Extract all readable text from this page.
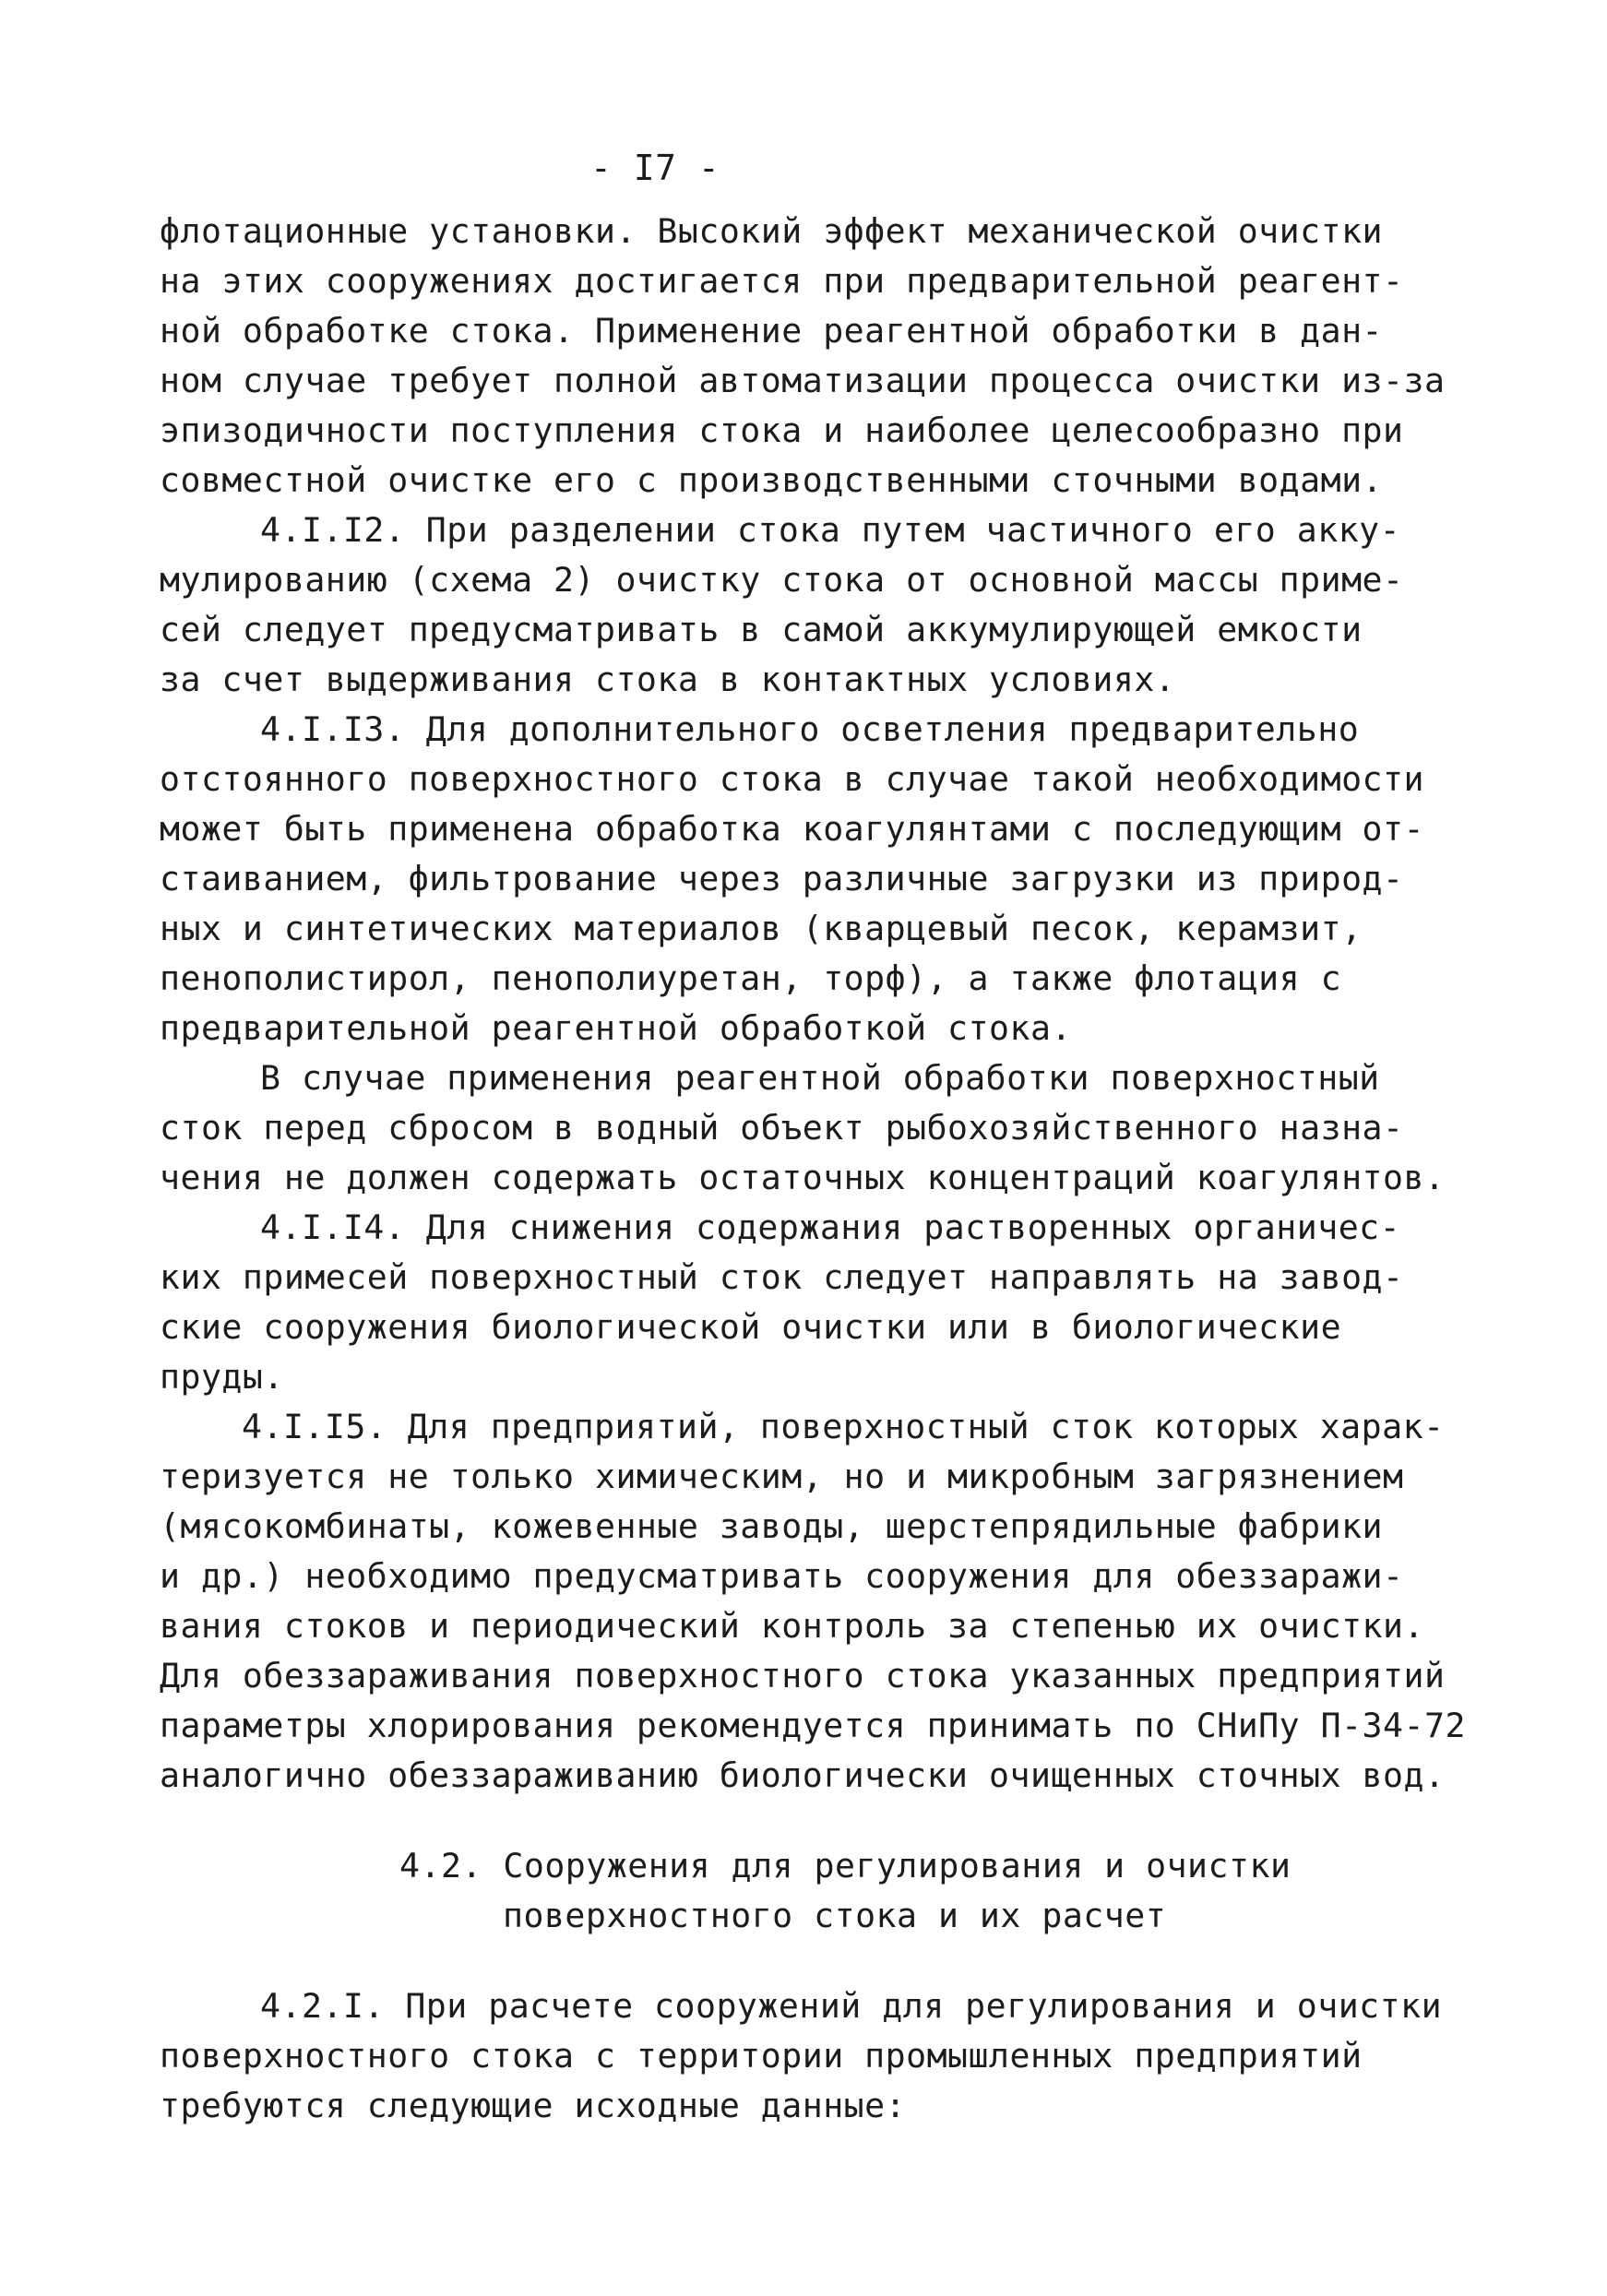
- I7 -
флотационные установки. Высокий эффект механической очистки
на этих сооружениях достигается при предварительной реагент-
ной обработке стока. Применение реагентной обработки в дан-
ном случае требует полной автоматизации процесса очистки из-за
эпизодичности поступления стока и наиболее целесообразно при
совместной очистке его с производственными сточными водами.
4.I.I2. При разделении стока путем частичного его акку-
мулированию (схема 2) очистку стока от основной массы приме-
сей следует предусматривать в самой аккумулирующей емкости
за счет выдерживания стока в контактных условиях.
4.I.I3. Для дополнительного осветления предварительно
отстоянного поверхностного стока в случае такой необходимости
может быть применена обработка коагулянтами с последующим от-
стаиванием, фильтрование через различные загрузки из природ-
ных и синтетических материалов (кварцевый песок, керамзит,
пенополистирол, пенополиуретан, торф), а также флотация с
предварительной реагентной обработкой стока.
В случае применения реагентной обработки поверхностный
сток перед сбросом в водный объект рыбохозяйственного назна-
чения не должен содержать остаточных концентраций коагулянтов.
4.I.I4. Для снижения содержания растворенных органичес-
ких примесей поверхностный сток следует направлять на завод-
ские сооружения биологической очистки или в биологические
пруды.
4.I.I5. Для предприятий, поверхностный сток которых харак-
теризуется не только химическим, но и микробным загрязнением
(мясокомбинаты, кожевенные заводы, шерстепрядильные фабрики
и др.) необходимо предусматривать сооружения для обеззаражи-
вания стоков и периодический контроль за степенью их очистки.
Для обеззараживания поверхностного стока указанных предприятий
параметры хлорирования рекомендуется принимать по СНиПу П-34-72
аналогично обеззараживанию биологически очищенных сточных вод.
4.2. Сооружения для регулирования и очистки
поверхностного стока и их расчет
4.2.I. При расчете сооружений для регулирования и очистки
поверхностного стока с территории промышленных предприятий
требуются следующие исходные данные:
